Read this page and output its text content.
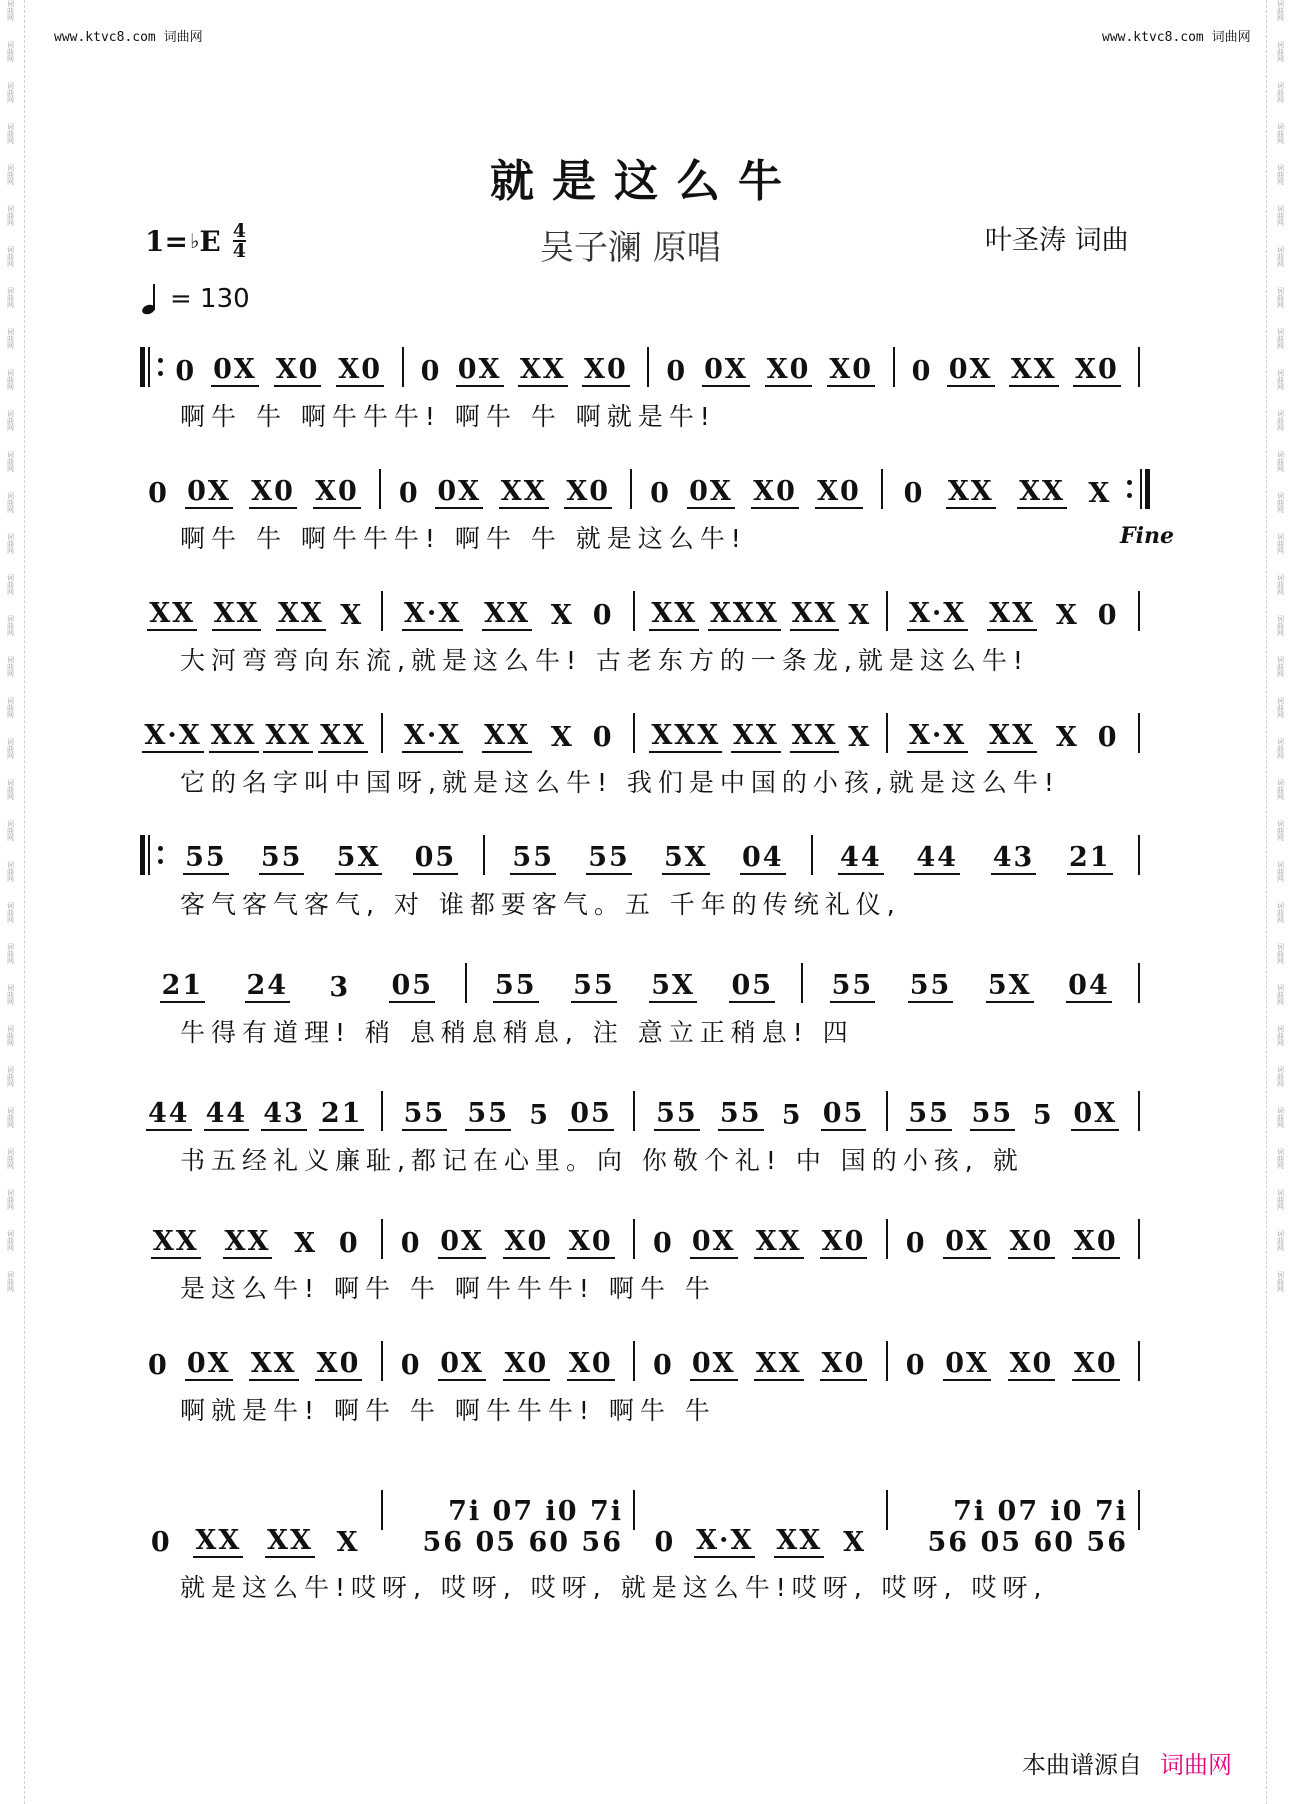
词曲网
词曲网
词曲网
词曲网
词曲网
词曲网
词曲网
词曲网
词曲网
词曲网
词曲网
词曲网
词曲网
词曲网
词曲网
词曲网
词曲网
词曲网
词曲网
词曲网
词曲网
词曲网
词曲网
词曲网
词曲网
词曲网
词曲网
词曲网
词曲网
词曲网
词曲网
词曲网
词曲网
词曲网
词曲网
词曲网
词曲网
词曲网
词曲网
词曲网
词曲网
词曲网
词曲网
词曲网
词曲网
词曲网
词曲网
词曲网
词曲网
词曲网
词曲网
词曲网
词曲网
词曲网
词曲网
词曲网
词曲网
词曲网
词曲网
词曲网
词曲网
词曲网
词曲网
词曲网
www.ktvc8.com 词曲网	www.ktvc8.com 词曲网
就是这么牛
1= ♭ E 4
4	吴子澜 原唱	叶圣涛 词曲
= 130
0 0X X0 X0 0 0X XX X0 0 0X X0 X0 0 0X XX X0
啊牛 牛 啊牛牛牛! 啊牛 牛 啊就是牛!
0 0X X0 X0 0 0X XX X0 0 0X X0 X0 0 XX XX X
啊牛 牛 啊牛牛牛! 啊牛 牛 就是这么牛!	Fine
XX XX XX X X·X XX X 0 XX XXX XX X X·X XX X 0
大河弯弯向东流,就是这么牛! 古老东方的一条龙,就是这么牛!
X·X XX XX XX X·X XX X 0 XXX XX XX X X·X XX X 0
它的名字叫中国呀,就是这么牛! 我们是中国的小孩,就是这么牛!
55 55 5X 05 55 55 5X 04 44 44 43 21
客气客气客气, 对 谁都要客气。五 千年的传统礼仪,
21 24 3 05 55 55 5X 05 55 55 5X 04
牛得有道理! 稍 息稍息稍息, 注 意立正稍息! 四
44 44 43 21 55 55 5 05 55 55 5 05 55 55 5 0X
书五经礼义廉耻,都记在心里。向 你敬个礼! 中 国的小孩, 就
XX XX X 0 0 0X X0 X0 0 0X XX X0 0 0X X0 X0
是这么牛! 啊牛 牛 啊牛牛牛! 啊牛 牛
0 0X XX X0 0 0X X0 X0 0 0X XX X0 0 0X X0 X0
啊就是牛! 啊牛 牛 啊牛牛牛! 啊牛 牛
0 XX XX X
7i 07 i0 7i
56 05 60 56 0 X·X XX X
7i 07 i0 7i
56 05 60 56
就是这么牛!哎呀, 哎呀, 哎呀, 就是这么牛!哎呀, 哎呀, 哎呀,
本曲谱源自 词曲网
